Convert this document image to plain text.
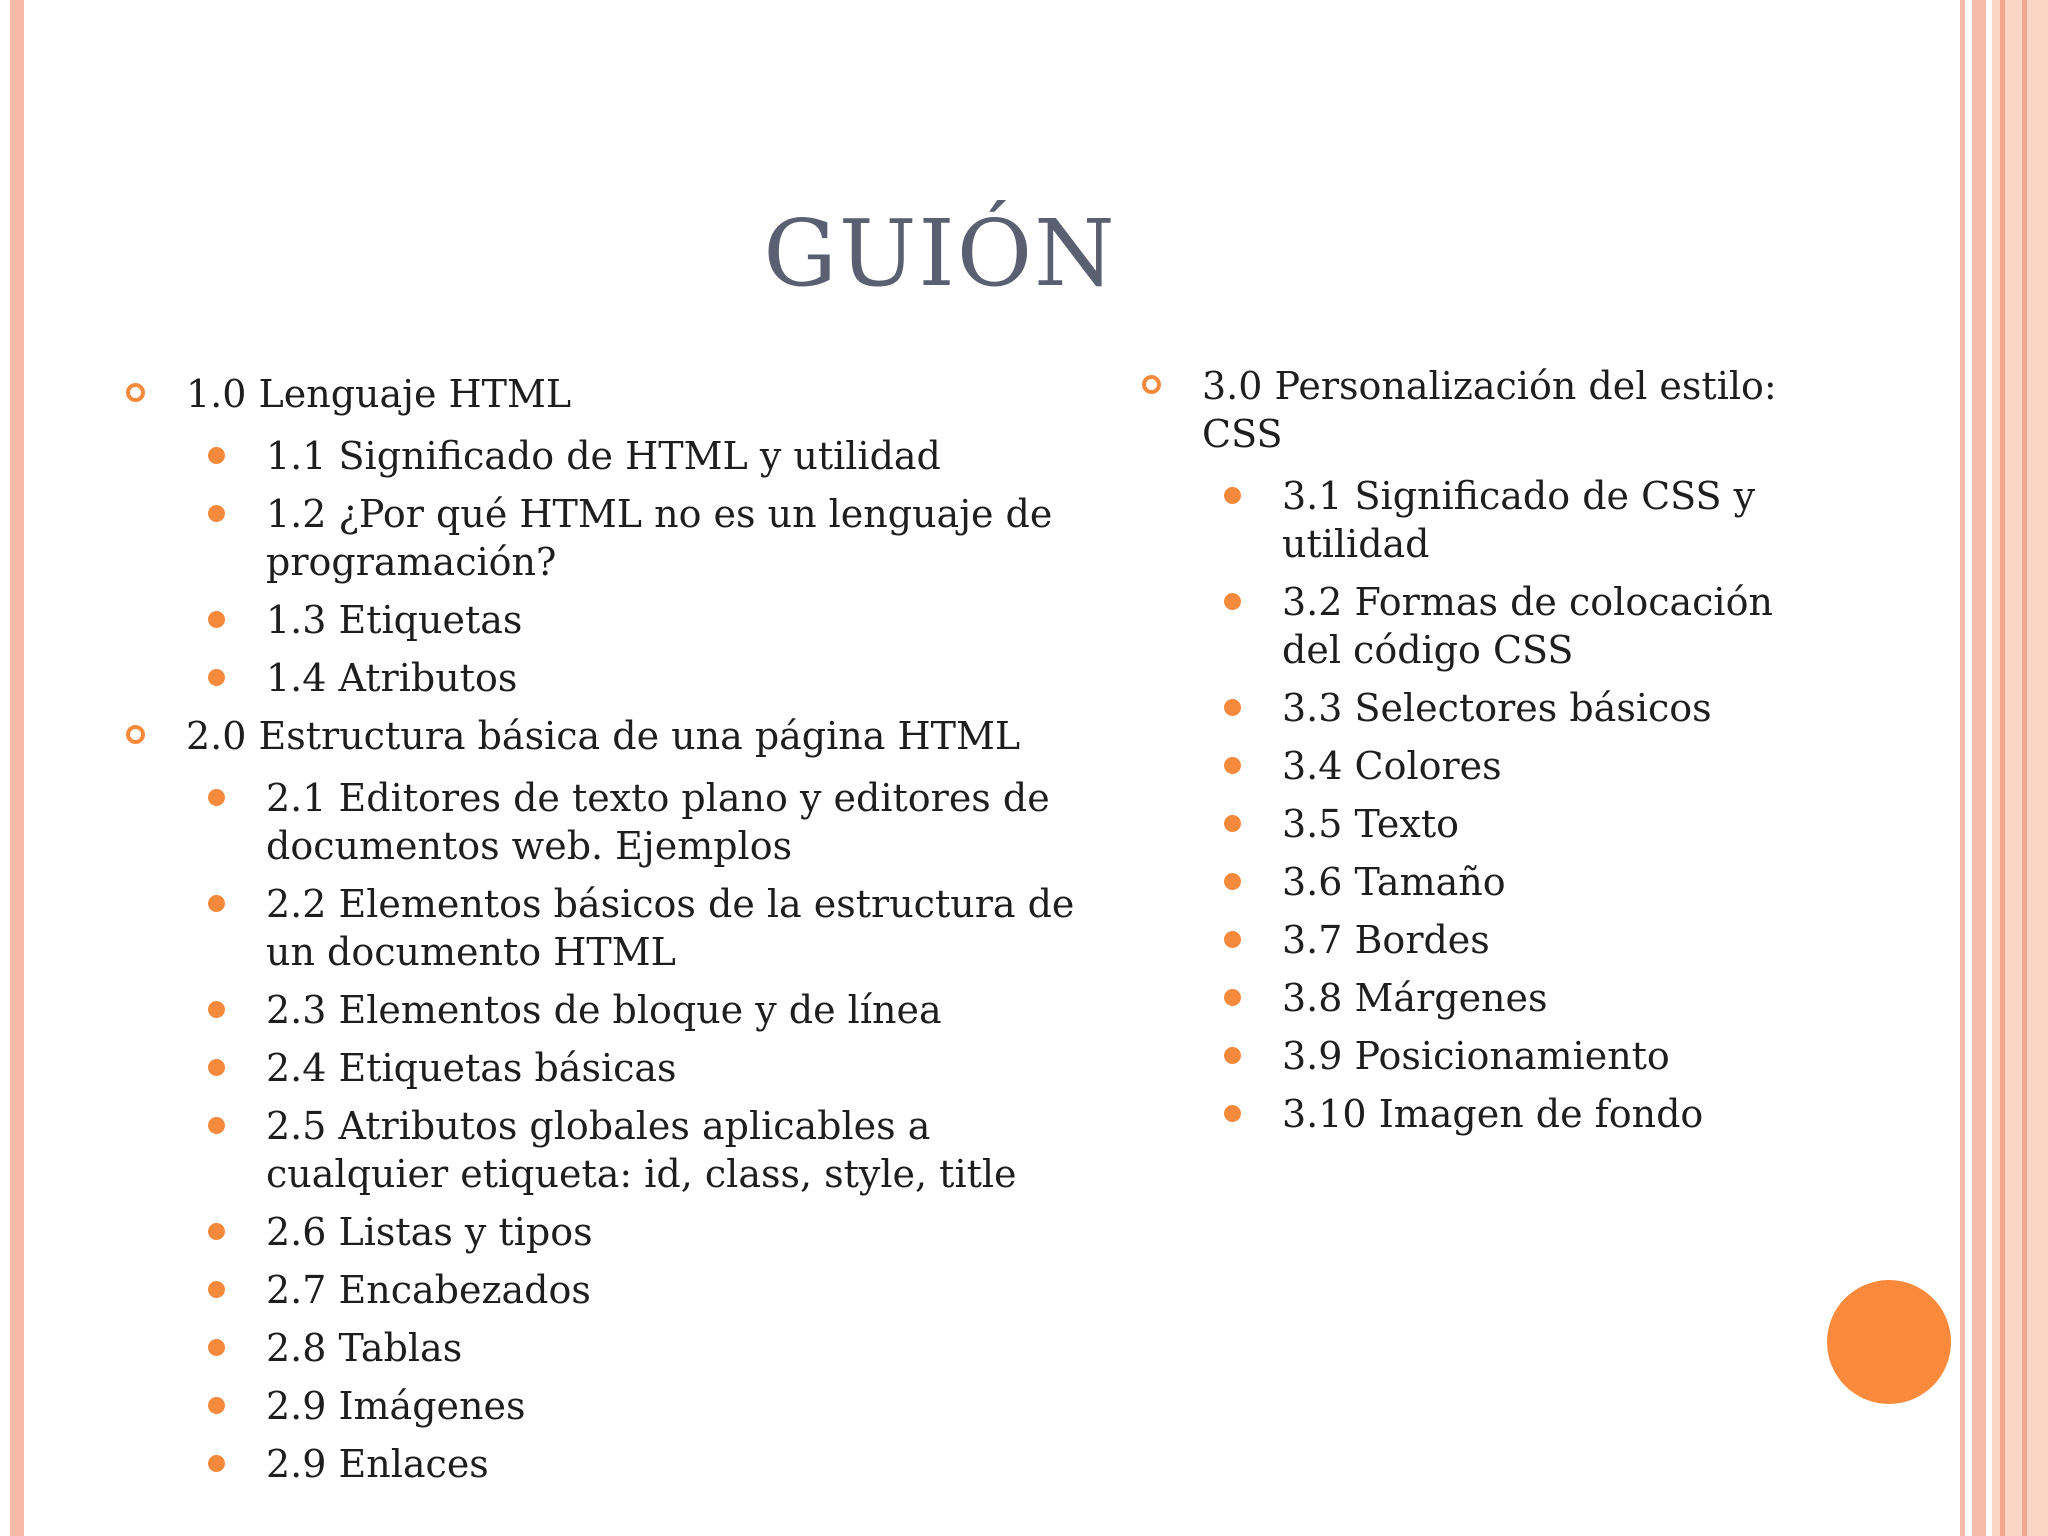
GUIÓN
1.0 Lenguaje HTML
1.1 Significado de HTML y utilidad
1.2 ¿Por qué HTML no es un lenguaje de programación?
1.3 Etiquetas
1.4 Atributos
2.0 Estructura básica de una página HTML
2.1 Editores de texto plano y editores de documentos web. Ejemplos
2.2 Elementos básicos de la estructura de un documento HTML
2.3 Elementos de bloque y de línea
2.4 Etiquetas básicas
2.5 Atributos globales aplicables a cualquier etiqueta: id, class, style, title
2.6 Listas y tipos
2.7 Encabezados
2.8 Tablas
2.9 Imágenes
2.9 Enlaces
3.0 Personalización del estilo: CSS
3.1 Significado de CSS y utilidad
3.2 Formas de colocación del código CSS
3.3 Selectores básicos
3.4 Colores
3.5 Texto
3.6 Tamaño
3.7 Bordes
3.8 Márgenes
3.9 Posicionamiento
3.10 Imagen de fondo
